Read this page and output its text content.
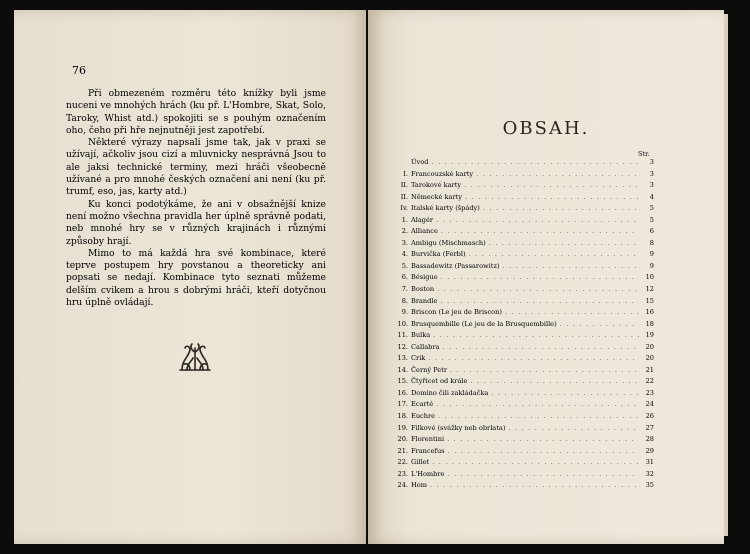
76

Při obmezeném rozměru této knížky byli jsme nuceni ve mnohých hrách (ku př. L'Hombre, Skat, Solo, Taroky, Whist atd.) spokojiti se s pouhým označením oho, čeho při hře nejnutněji jest zapotřebí.

Některé výrazy napsali jsme tak, jak v praxi se užívají, ačkoliv jsou cizí a mluvnicky nesprávná Jsou to ale jaksi technické terminy, mezi hráči všeobecně užívané a pro mnohé českých označení ani není (ku př. trumf, eso, jas, karty atd.)

Ku konci podotýkáme, že ani v obsažnější knize není možno všechna pravidla her úplně správně podati, neb mnohé hry se v různých krajinách i různými způsoby hrají.

Mimo to má každá hra své kombinace, které teprve postupem hry povstanou a theoreticky ani popsati se nedají. Kombinace tyto seznati můžeme delším cvikem a hrou s dobrými hráči, kteří dotyčnou hru úplně ovládají.

OBSAH.
Str.
Úvod . . .	3
I. Francouzské karty . . .	3
II. Tarokové karty . . .	3
II. Německé karty . . .	4
Iv. Italské karty (špády) . . .	5
1. Alagér . . .	5
2. Alliance . . .	6
3. Ambigu (Mischmasch) . . .	8
4. Burvička (Ferbl) . . .	9
5. Bassadewitz (Passarowitz) . . .	9
6. Bésigue . . .	10
7. Boston . . .	12
8. Brandle . . .	15
9. Briscon (Le jeu de Briscon) . . .	16
10. Brusquembille (Le jeu de la Brusquembille) . . .	18
11. Bulka . . .	19
12. Callabra . . .	20
13. Crik . . .	20
14. Černý Petr . . .	21
15. Čtyřicet od krále . . .	22
16. Domino čili zakládačka . . .	23
17. Ecarté . . .	24
18. Euchre . . .	26
19. Filkové (svážky neb obrlata) . . .	27
20. Florentini . . .	28
21. Francefus . . .	29
22. Gillet . . .	31
23. L'Hombre . . .	32
24. Hom . . .	35
